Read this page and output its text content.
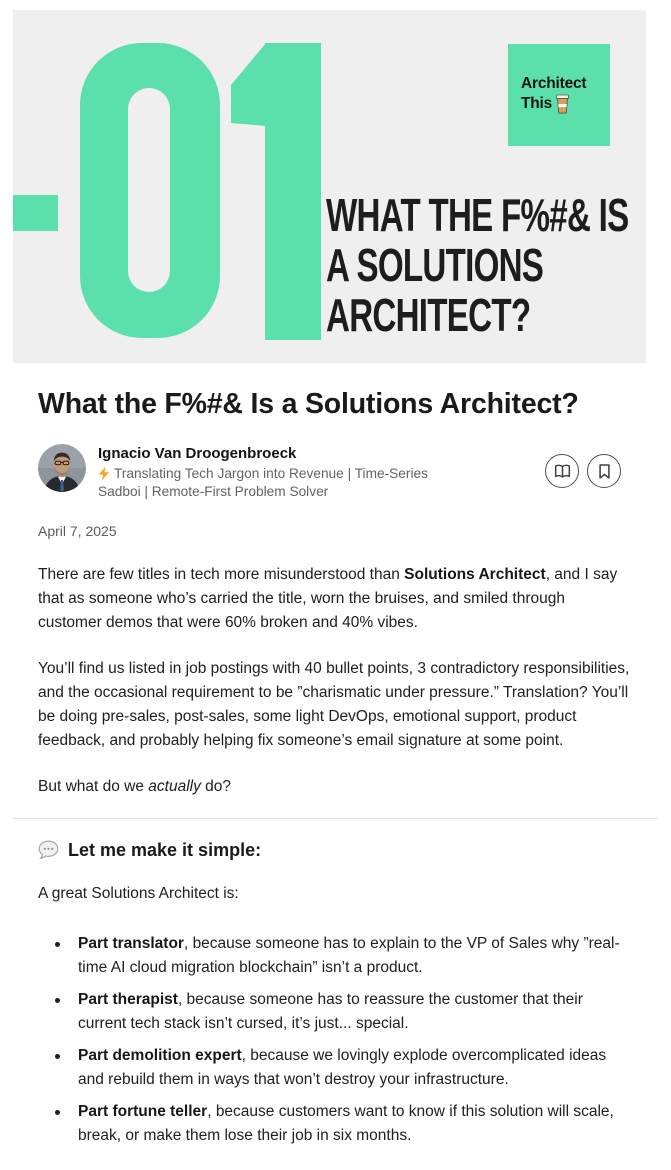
WHAT THE F%#& IS
A SOLUTIONS
ARCHITECT?
Architect
This
What the F%#& Is a Solutions Architect?
Ignacio Van Droogenbroeck
Translating Tech Jargon into Revenue | Time-Series
Sadboi | Remote-First Problem Solver
April 7, 2025

There are few titles in tech more misunderstood than Solutions Architect, and I say that as someone who’s carried the title, worn the bruises, and smiled through customer demos that were 60% broken and 40% vibes.

You’ll find us listed in job postings with 40 bullet points, 3 contradictory responsibilities, and the occasional requirement to be ”charismatic under pressure.” Translation? You’ll be doing pre-sales, post-sales, some light DevOps, emotional support, product feedback, and probably helping fix someone’s email signature at some point.

But what do we actually do?

Let me make it simple:
A great Solutions Architect is:
Part translator, because someone has to explain to the VP of Sales why ”real-time AI cloud migration blockchain” isn’t a product.
Part therapist, because someone has to reassure the customer that their current tech stack isn’t cursed, it’s just... special.
Part demolition expert, because we lovingly explode overcomplicated ideas and rebuild them in ways that won’t destroy your infrastructure.
Part fortune teller, because customers want to know if this solution will scale, break, or make them lose their job in six months.
